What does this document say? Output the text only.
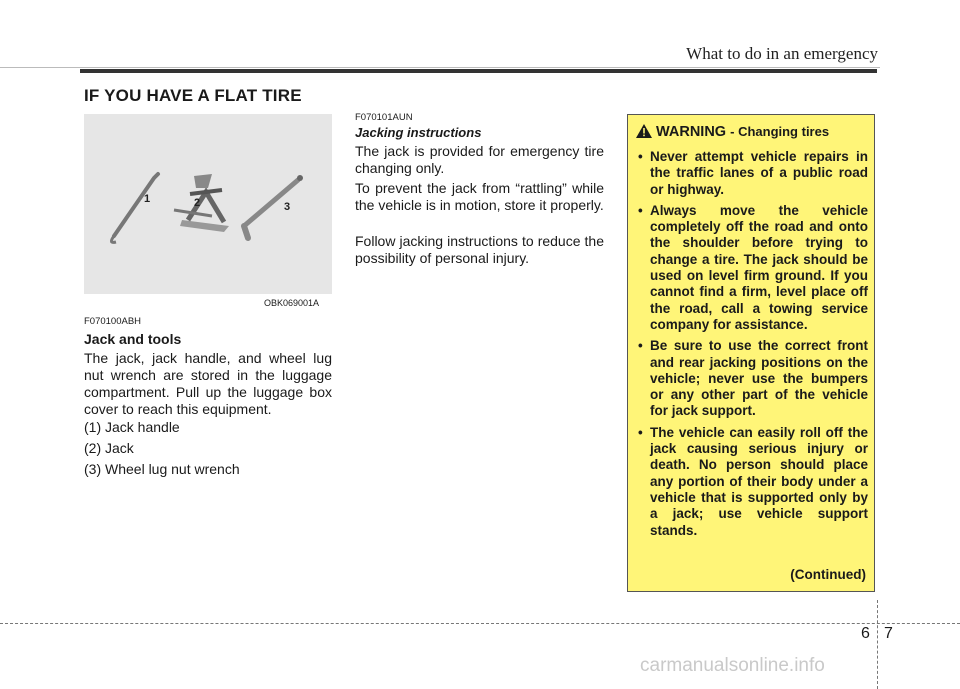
What to do in an emergency
IF YOU HAVE A FLAT TIRE
1	2	3
OBK069001A
F070100ABH
Jack and tools
The jack, jack handle, and wheel lug nut wrench are stored in the luggage compartment. Pull up the luggage box cover to reach this equipment.
(1) Jack handle
(2) Jack
(3) Wheel lug nut wrench
F070101AUN
Jacking instructions
The jack is provided for emergency tire changing only.
To prevent the jack from “rattling” while the vehicle is in motion, store it properly.
Follow jacking instructions to reduce the possibility of personal injury.
WARNING - Changing tires
• Never attempt vehicle repairs in the traffic lanes of a public road or highway.
• Always move the vehicle completely off the road and onto the shoulder before trying to change a tire. The jack should be used on level firm ground. If you cannot find a firm, level place off the road, call a towing service company for assistance.
• Be sure to use the correct front and rear jacking positions on the vehicle; never use the bumpers or any other part of the vehicle for jack support.
• The vehicle can easily roll off the jack causing serious injury or death. No person should place any portion of their body under a vehicle that is supported only by a jack; use vehicle support stands.
(Continued)
6 7
carmanualsonline.info
